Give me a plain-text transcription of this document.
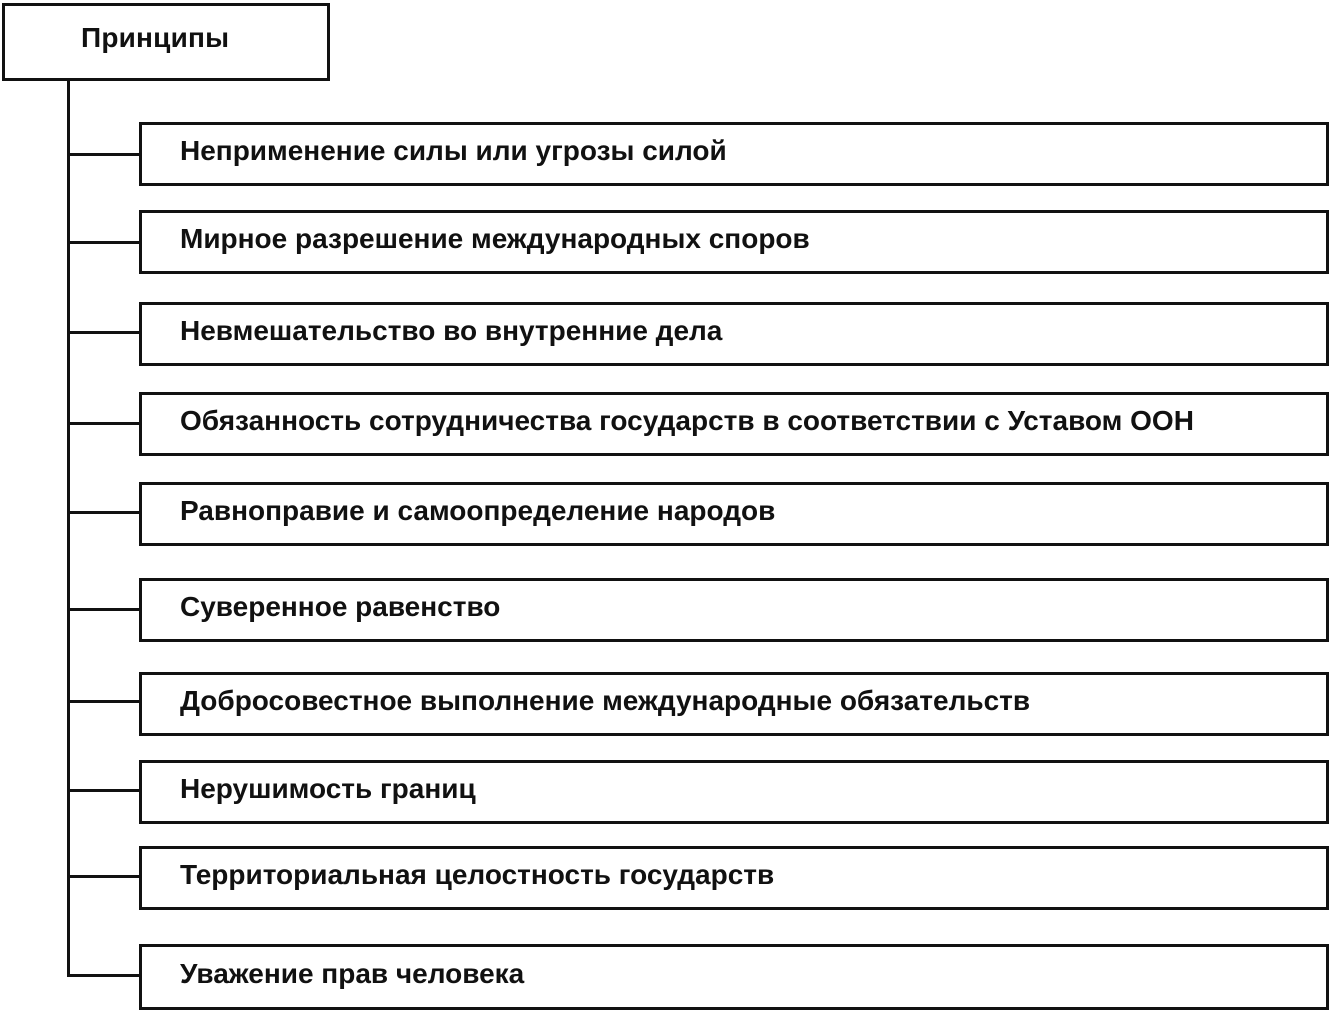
Принципы
Неприменение силы или угрозы силой
Мирное разрешение международных споров
Невмешательство во внутренние дела
Обязанность сотрудничества государств в соответствии с Уставом ООН
Равноправие и самоопределение народов
Суверенное равенство
Добросовестное выполнение международные обязательств
Нерушимость границ
Территориальная целостность государств
Уважение прав человека
